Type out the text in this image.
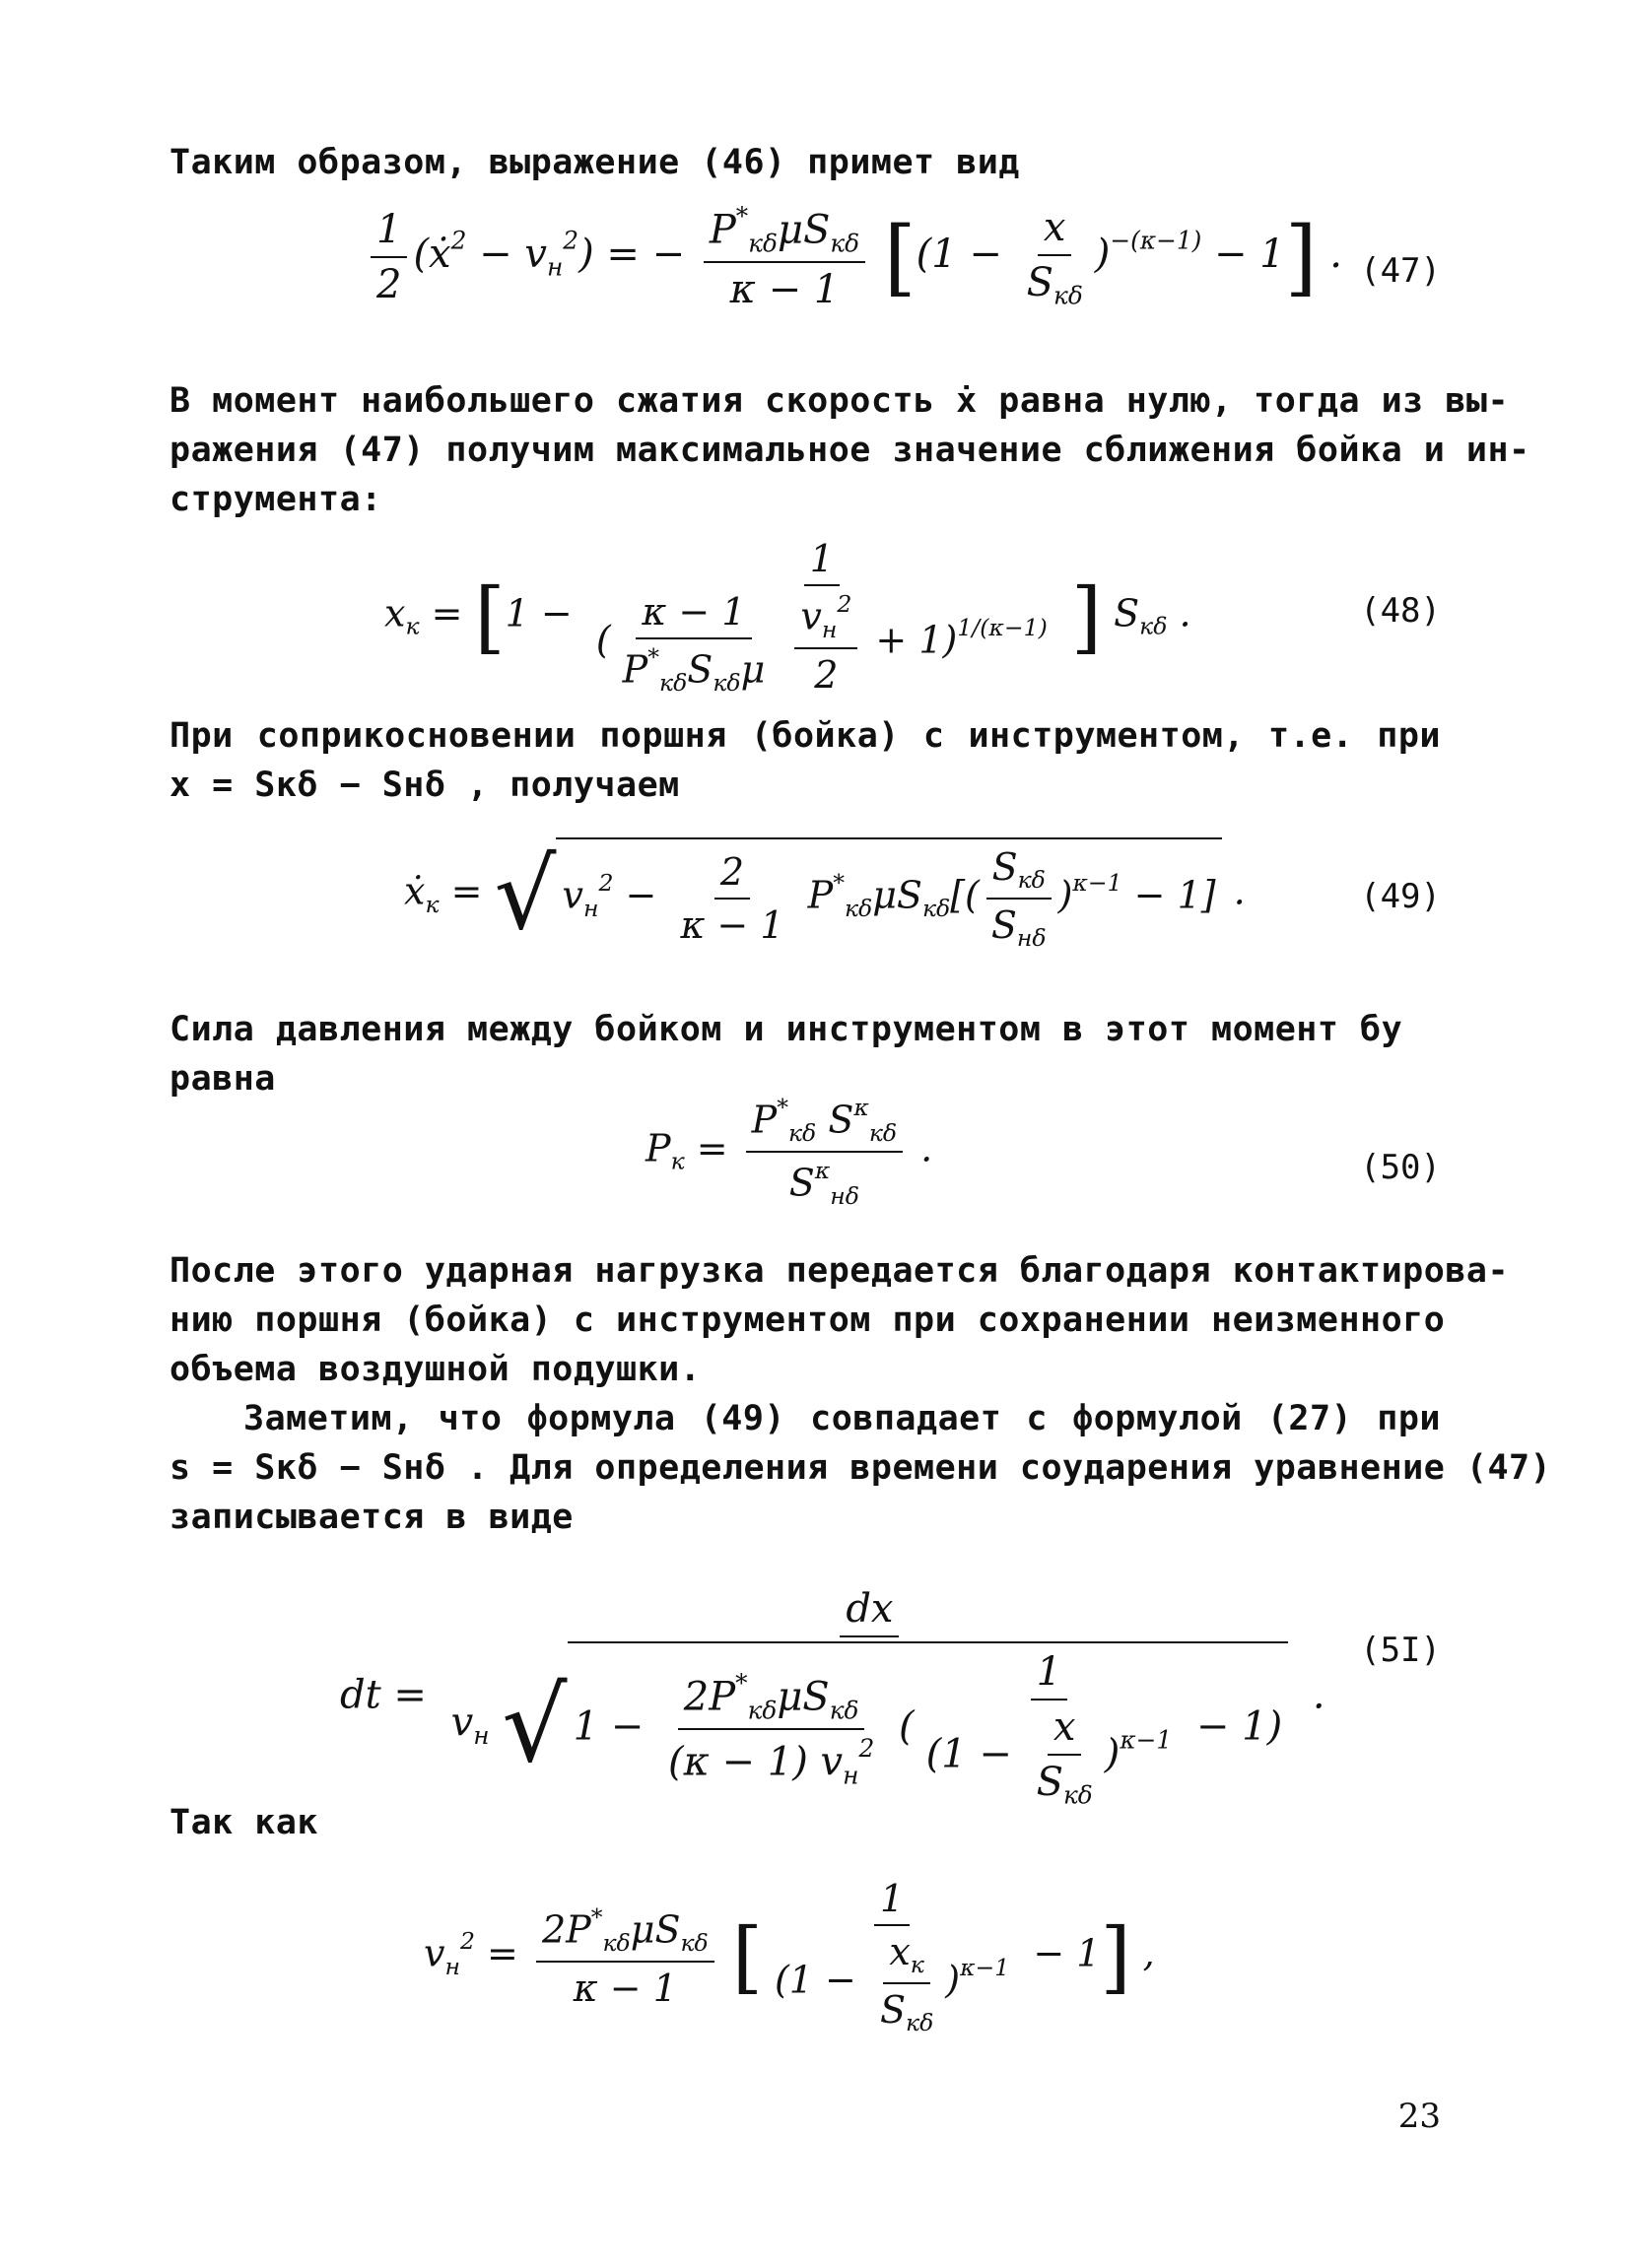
Таким образом, выражение (46) примет вид
$\frac{1}{2}$ (ẋ$^2$ − $v_н^2$) = − $\frac{P^*_{к\delta}\mu S_{к\delta}}{\kappa - 1} [(1 - \frac{x}{S_{к\delta}} )^{-(\kappa-1)} - 1]$ . (47)
В момент наибольшего сжатия скорость ẋ равна нулю, тогда из вы-
ражения (47) получим максимальное значение сближения бойка и ин-
струмента:
$x_к = [1 - 1$
( $\frac{\kappa - 1}{P^*_{к\delta}S_{к\delta}\mu}$
$\frac{v_н^2}{2} + 1)^{1/(\kappa-1)}$ ] $S_{к\delta}$ .	(48)
При соприкосновении поршня (бойка) с инструментом, т.е. при
x = Sкδ − Sнδ , получаем
ẋ$_к$ = √ $v_н^2 - \frac{2}{\kappa - 1} P^*_{к\delta}\mu S_{к\delta}[( \frac{S_{к\delta}}{S_{н\delta}} )^{\kappa-1} - 1]$ .	(49)
Сила давления между бойком и инструментом в этот момент бу
равна
$P_к = \frac{P^*_{к\delta} S^\kappa_{к\delta}}{S^\kappa_{н\delta}}$ .	(50)
После этого ударная нагрузка передается благодаря контактирова-
нию поршня (бойка) с инструментом при сохранении неизменного
объема воздушной подушки.
Заметим, что формула (49) совпадает с формулой (27) при
s = Sкδ − Sнδ . Для определения времени соударения уравнение (47)
записывается в виде
dt =
dx
$v_н$ √ $1 - \frac{2P^*_{к\delta}\mu S_{к\delta}}{(\kappa - 1) v_н^2}$ ( $\frac{1}{(1 - \frac{x}{S_{к\delta}} )^{\kappa-1}} - 1$)
.
(5I)
Так как
$v_н^2 = \frac{2P^*_{к\delta}\mu S_{к\delta}}{\kappa - 1}$ [ $\frac{1}{(1 - \frac{x_к}{S_{к\delta}} )^{\kappa-1}} - 1$] ,
23
